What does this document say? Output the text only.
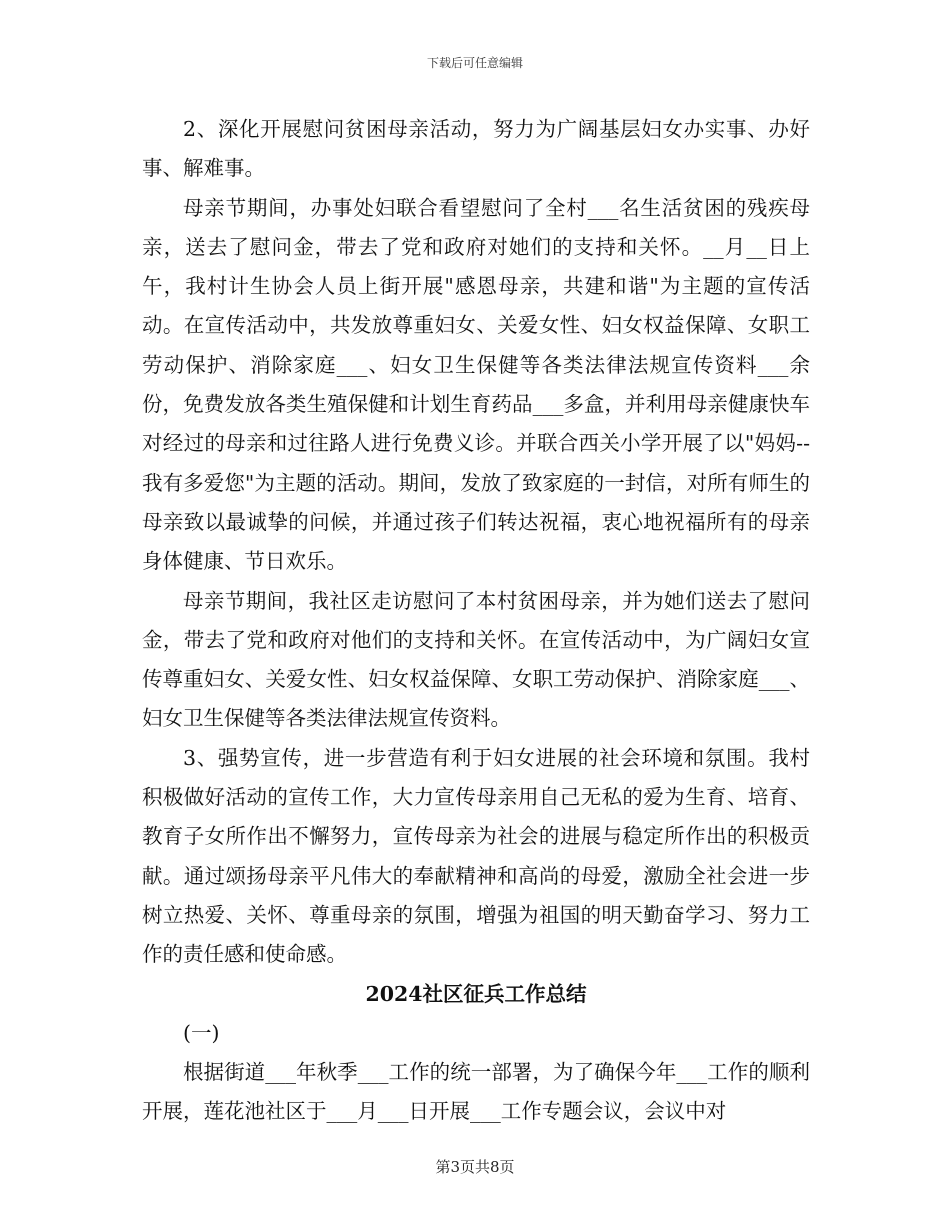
下载后可任意编辑

2、深化开展慰问贫困母亲活动，努力为广阔基层妇女办实事、办好事、解难事。

母亲节期间，办事处妇联合看望慰问了全村___名生活贫困的残疾母亲，送去了慰问金，带去了党和政府对她们的支持和关怀。__月__日上午，我村计生协会人员上街开展"感恩母亲，共建和谐"为主题的宣传活动。在宣传活动中，共发放尊重妇女、关爱女性、妇女权益保障、女职工劳动保护、消除家庭___、妇女卫生保健等各类法律法规宣传资料___余份，免费发放各类生殖保健和计划生育药品___多盒，并利用母亲健康快车对经过的母亲和过往路人进行免费义诊。并联合西关小学开展了以"妈妈--我有多爱您"为主题的活动。期间，发放了致家庭的一封信，对所有师生的母亲致以最诚挚的问候，并通过孩子们转达祝福，衷心地祝福所有的母亲身体健康、节日欢乐。

母亲节期间，我社区走访慰问了本村贫困母亲，并为她们送去了慰问金，带去了党和政府对他们的支持和关怀。在宣传活动中，为广阔妇女宣传尊重妇女、关爱女性、妇女权益保障、女职工劳动保护、消除家庭___、妇女卫生保健等各类法律法规宣传资料。

3、强势宣传，进一步营造有利于妇女进展的社会环境和氛围。我村积极做好活动的宣传工作，大力宣传母亲用自己无私的爱为生育、培育、教育子女所作出不懈努力，宣传母亲为社会的进展与稳定所作出的积极贡献。通过颂扬母亲平凡伟大的奉献精神和高尚的母爱，激励全社会进一步树立热爱、关怀、尊重母亲的氛围，增强为祖国的明天勤奋学习、努力工作的责任感和使命感。

2024社区征兵工作总结

(一)

根据街道___年秋季___工作的统一部署，为了确保今年___工作的顺利开展，莲花池社区于___月___日开展___工作专题会议，会议中对

第3页共8页
